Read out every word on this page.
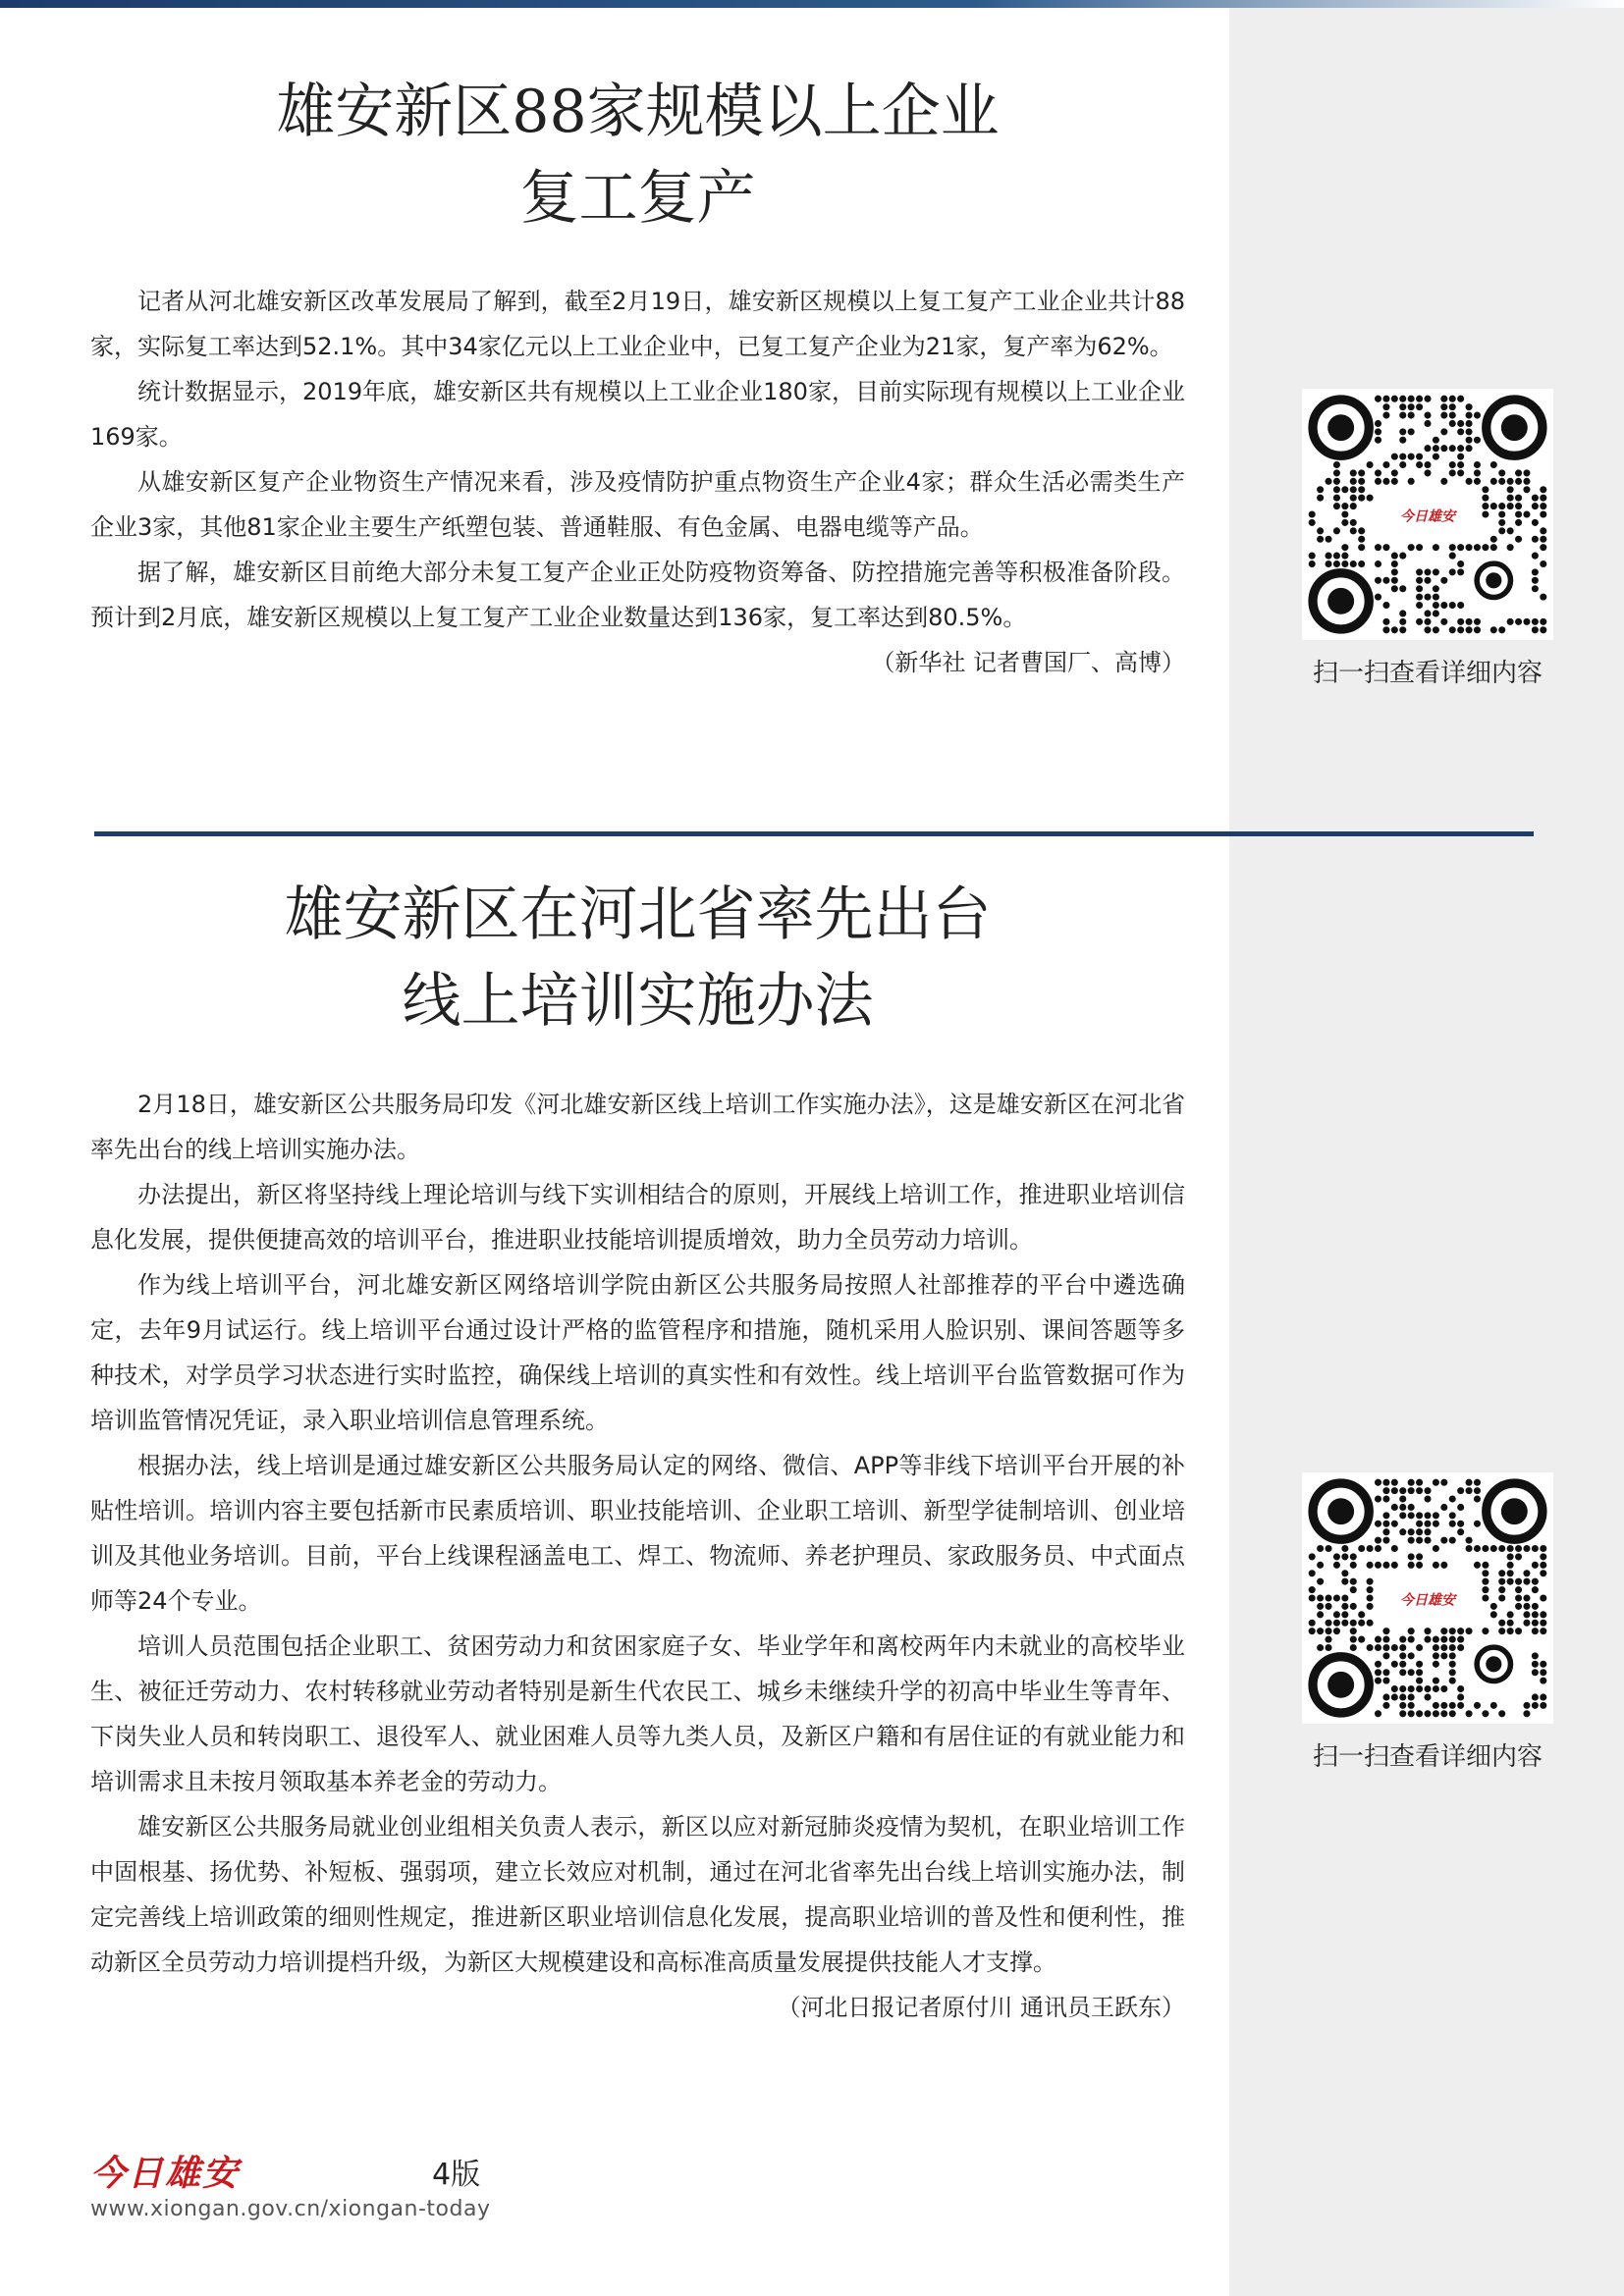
雄安新区88家规模以上企业
复工复产

记者从河北雄安新区改革发展局了解到，截至2月19日，雄安新区规模以上复工复产工业企业共计88家，实际复工率达到52.1%。其中34家亿元以上工业企业中，已复工复产企业为21家，复产率为62%。

统计数据显示，2019年底，雄安新区共有规模以上工业企业180家，目前实际现有规模以上工业企业169家。

从雄安新区复产企业物资生产情况来看，涉及疫情防护重点物资生产企业4家；群众生活必需类生产企业3家，其他81家企业主要生产纸塑包装、普通鞋服、有色金属、电器电缆等产品。

据了解，雄安新区目前绝大部分未复工复产企业正处防疫物资筹备、防控措施完善等积极准备阶段。预计到2月底，雄安新区规模以上复工复产工业企业数量达到136家，复工率达到80.5%。

（新华社 记者曹国厂、高博）

雄安新区在河北省率先出台
线上培训实施办法

2月18日，雄安新区公共服务局印发《河北雄安新区线上培训工作实施办法》，这是雄安新区在河北省率先出台的线上培训实施办法。

办法提出，新区将坚持线上理论培训与线下实训相结合的原则，开展线上培训工作，推进职业培训信息化发展，提供便捷高效的培训平台，推进职业技能培训提质增效，助力全员劳动力培训。

作为线上培训平台，河北雄安新区网络培训学院由新区公共服务局按照人社部推荐的平台中遴选确定，去年9月试运行。线上培训平台通过设计严格的监管程序和措施，随机采用人脸识别、课间答题等多种技术，对学员学习状态进行实时监控，确保线上培训的真实性和有效性。线上培训平台监管数据可作为培训监管情况凭证，录入职业培训信息管理系统。

根据办法，线上培训是通过雄安新区公共服务局认定的网络、微信、APP等非线下培训平台开展的补贴性培训。培训内容主要包括新市民素质培训、职业技能培训、企业职工培训、新型学徒制培训、创业培训及其他业务培训。目前，平台上线课程涵盖电工、焊工、物流师、养老护理员、家政服务员、中式面点师等24个专业。

培训人员范围包括企业职工、贫困劳动力和贫困家庭子女、毕业学年和离校两年内未就业的高校毕业生、被征迁劳动力、农村转移就业劳动者特别是新生代农民工、城乡未继续升学的初高中毕业生等青年、下岗失业人员和转岗职工、退役军人、就业困难人员等九类人员，及新区户籍和有居住证的有就业能力和培训需求且未按月领取基本养老金的劳动力。

雄安新区公共服务局就业创业组相关负责人表示，新区以应对新冠肺炎疫情为契机，在职业培训工作中固根基、扬优势、补短板、强弱项，建立长效应对机制，通过在河北省率先出台线上培训实施办法，制定完善线上培训政策的细则性规定，推进新区职业培训信息化发展，提高职业培训的普及性和便利性，推动新区全员劳动力培训提档升级，为新区大规模建设和高标准高质量发展提供技能人才支撑。
（河北日报记者原付川 通讯员王跃东）

今日雄安
扫一扫查看详细内容
今日雄安
扫一扫查看详细内容
今日雄安	4版
www.xiongan.gov.cn/xiongan-today
